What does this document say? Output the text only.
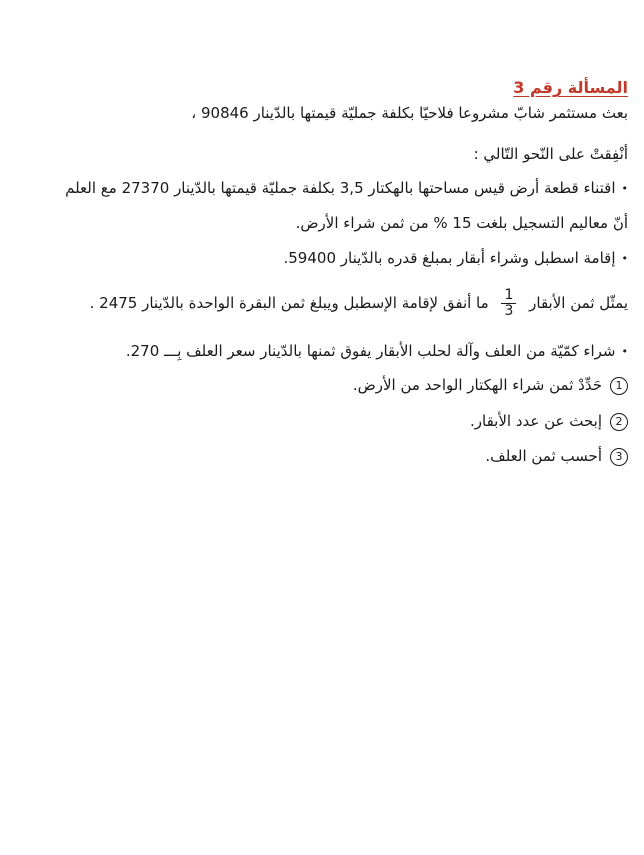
المسألة رقم 3
بعث مستثمر شابّ مشروعا فلاحيّا بكلفة جمليّة قيمتها بالدّينار 90846 ،
أنْفِقتْ على النّحو التّالي :
•اقتناء قطعة أرض قيس مساحتها بالهكتار 3,5 بكلفة جمليّة قيمتها بالدّينار 27370 مع العلم
أنّ معاليم التسجيل بلغت 15 % من ثمن شراء الأرض.
•إقامة اسطبل وشراء أبقار بمبلغ قدره بالدّينار 59400.
يمثّل ثمن الأبقار
$\frac{1}{3}$
ما أنفق لإقامة الإسطبل ويبلغ ثمن البقرة الواحدة بالدّينار 2475 .
•شراء كمّيّة من العلف وآلة لحلب الأبقار يفوق ثمنها بالدّينار سعر العلف بِـــ 270.
1حَدِّدْ ثمن شراء الهكتار الواحد من الأرض.
2إبحث عن عدد الأبقار.
3أحسب ثمن العلف.
